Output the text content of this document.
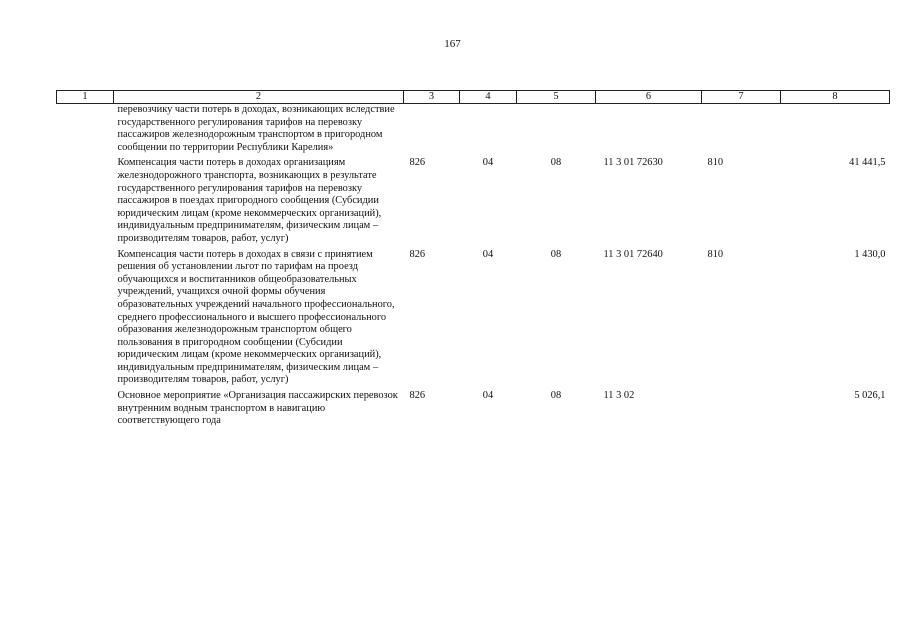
167
1	2	3	4	5	6	7	8
	перевозчику части потерь в доходах, возникающих вследствие государственного регулирования тарифов на перевозку пассажиров железнодорожным транспортом в пригородном сообщении по территории Республики Карелия»						
	Компенсация части потерь в доходах организациям железнодорожного транспорта, возникающих в результате государственного регулирования тарифов на перевозку пассажиров в поездах пригородного сообщения (Субсидии юридическим лицам (кроме некоммерческих организаций), индивидуальным предпринимателям, физическим лицам – производителям товаров, работ, услуг)	826	04	08	11 3 01 72630	810	41 441,5
	Компенсация части потерь в доходах в связи с принятием решения об установлении льгот по тарифам на проезд обучающихся и воспитанников общеобразовательных учреждений, учащихся очной формы обучения образовательных учреждений начального профессионального, среднего профессионального и высшего профессионального образования железнодорожным транспортом общего пользования в пригородном сообщении (Субсидии юридическим лицам (кроме некоммерческих организаций), индивидуальным предпринимателям, физическим лицам – производителям товаров, работ, услуг)	826	04	08	11 3 01 72640	810	1 430,0
	Основное мероприятие «Организация пассажирских перевозок внутренним водным транспортом в навигацию соответствующего года	826	04	08	11 3 02		5 026,1
